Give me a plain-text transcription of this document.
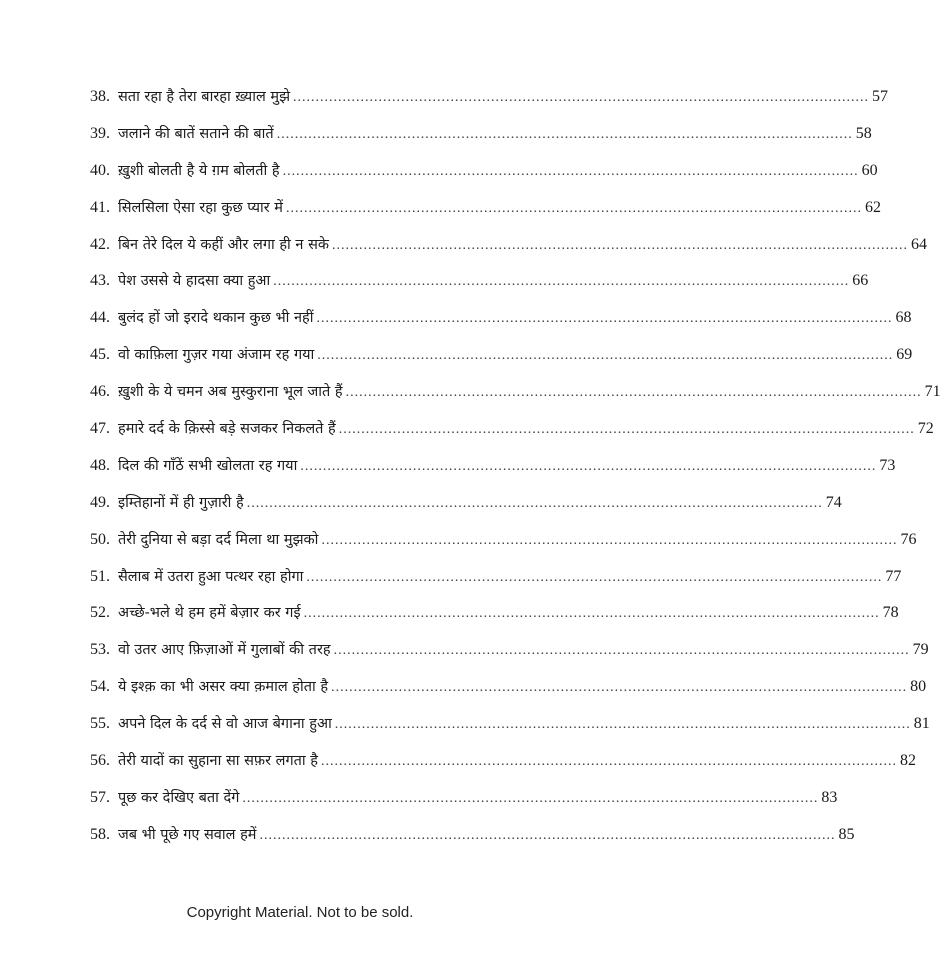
38. सता रहा है तेरा बारहा ख़्याल मुझे .....	57
39. जलाने की बातें सताने की बातें .....	58
40. ख़ुशी बोलती है ये ग़म बोलती है .....	60
41. सिलसिला ऐसा रहा कुछ प्यार में .....	62
42. बिन तेरे दिल ये कहीं और लगा ही न सके .....	64
43. पेश उससे ये हादसा क्या हुआ .....	66
44. बुलंद हों जो इरादे थकान कुछ भी नहीं .....	68
45. वो काफ़िला गुज़र गया अंजाम रह गया .....	69
46. ख़ुशी के ये चमन अब मुस्कुराना भूल जाते हैं .....	71
47. हमारे दर्द के क़िस्से बड़े सजकर निकलते हैं .....	72
48. दिल की गाँठें सभी खोलता रह गया .....	73
49. इम्तिहानों में ही गुज़ारी है .....	74
50. तेरी दुनिया से बड़ा दर्द मिला था मुझको .....	76
51. सैलाब में उतरा हुआ पत्थर रहा होगा .....	77
52. अच्छे-भले थे हम हमें बेज़ार कर गई .....	78
53. वो उतर आए फ़िज़ाओं में गुलाबों की तरह .....	79
54. ये इश्क़ का भी असर क्या क़माल होता है .....	80
55. अपने दिल के दर्द से वो आज बेगाना हुआ .....	81
56. तेरी यादों का सुहाना सा सफ़र लगता है .....	82
57. पूछ कर देखिए बता देंगे .....	83
58. जब भी पूछे गए सवाल हमें .....	85
Copyright Material. Not to be sold.
